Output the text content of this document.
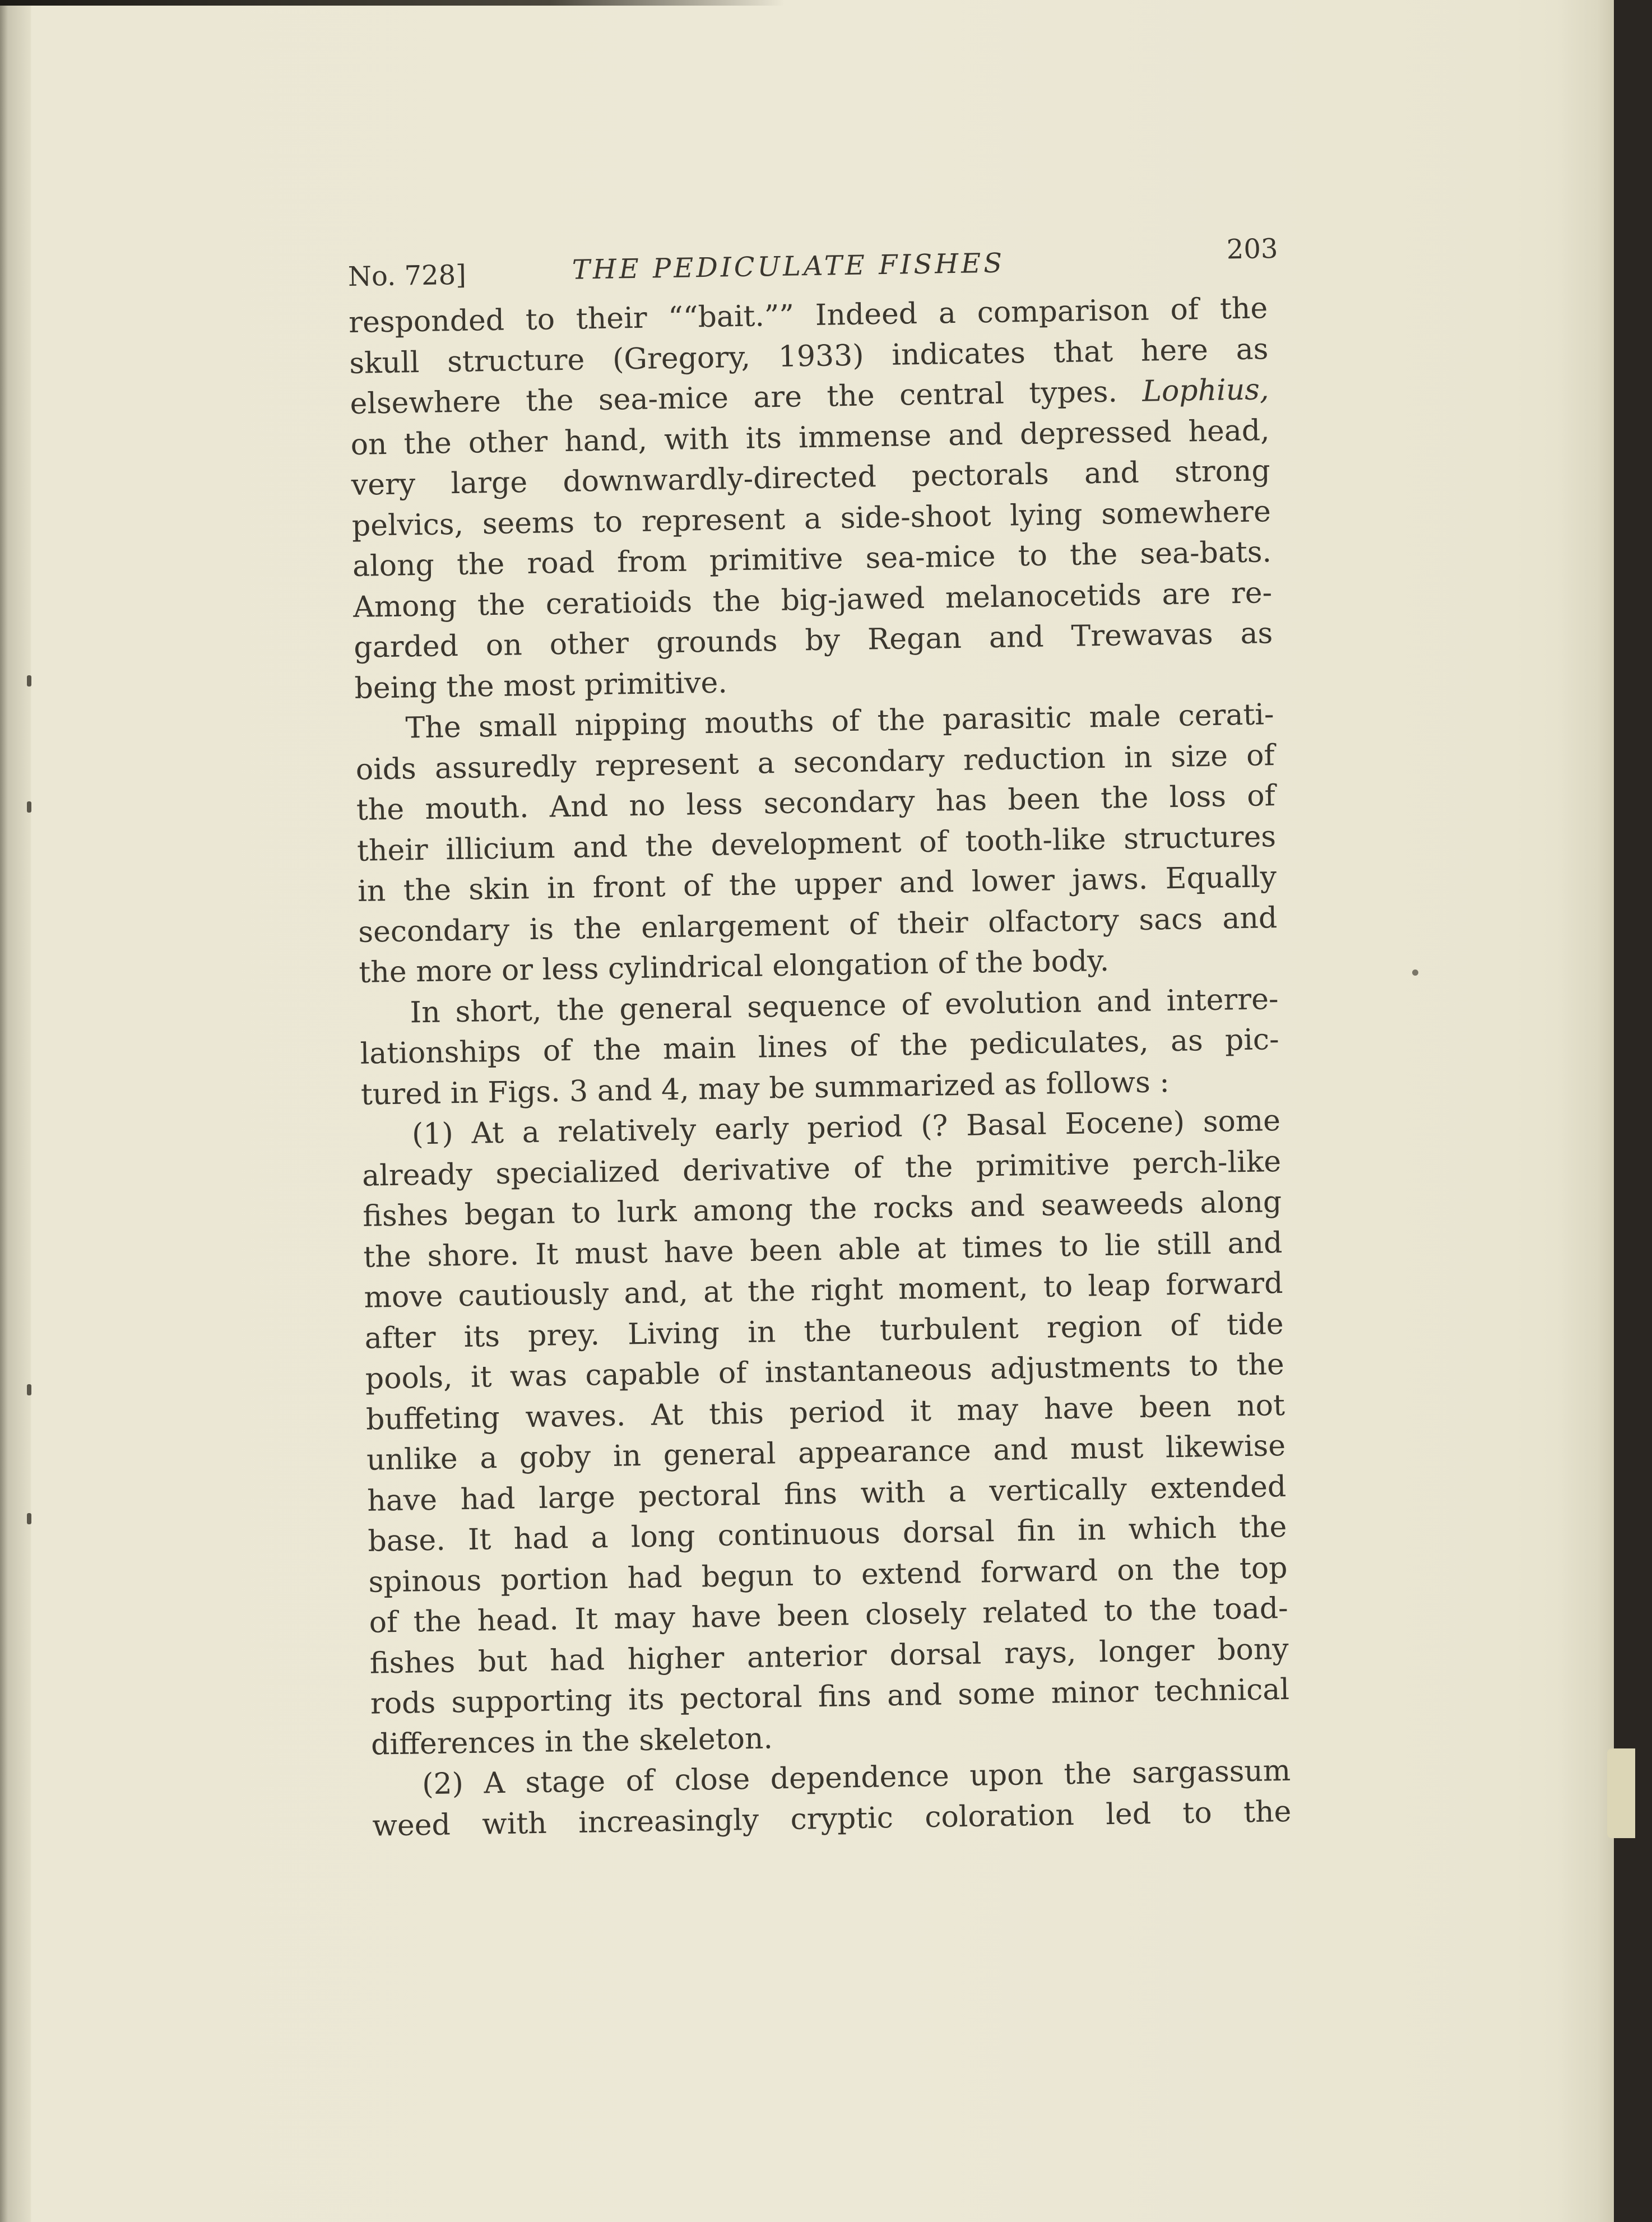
No. 728]	THE PEDICULATE FISHES	203
responded to their ““bait.”” Indeed a comparison of the
skull structure (Gregory, 1933) indicates that here as
elsewhere the sea-mice are the central types. Lophius,
on the other hand, with its immense and depressed head,
very large downwardly-directed pectorals and strong
pelvics, seems to represent a side-shoot lying somewhere
along the road from primitive sea-mice to the sea-bats.
Among the ceratioids the big-jawed melanocetids are re-
garded on other grounds by Regan and Trewavas as
being the most primitive.
The small nipping mouths of the parasitic male cerati-
oids assuredly represent a secondary reduction in size of
the mouth. And no less secondary has been the loss of
their illicium and the development of tooth-like structures
in the skin in front of the upper and lower jaws. Equally
secondary is the enlargement of their olfactory sacs and
the more or less cylindrical elongation of the body.
In short, the general sequence of evolution and interre-
lationships of the main lines of the pediculates, as pic-
tured in Figs. 3 and 4, may be summarized as follows :
(1) At a relatively early period (? Basal Eocene) some
already specialized derivative of the primitive perch-like
fishes began to lurk among the rocks and seaweeds along
the shore. It must have been able at times to lie still and
move cautiously and, at the right moment, to leap forward
after its prey. Living in the turbulent region of tide
pools, it was capable of instantaneous adjustments to the
buffeting waves. At this period it may have been not
unlike a goby in general appearance and must likewise
have had large pectoral fins with a vertically extended
base. It had a long continuous dorsal fin in which the
spinous portion had begun to extend forward on the top
of the head. It may have been closely related to the toad-
fishes but had higher anterior dorsal rays, longer bony
rods supporting its pectoral fins and some minor technical
differences in the skeleton.
(2) A stage of close dependence upon the sargassum
weed with increasingly cryptic coloration led to the
